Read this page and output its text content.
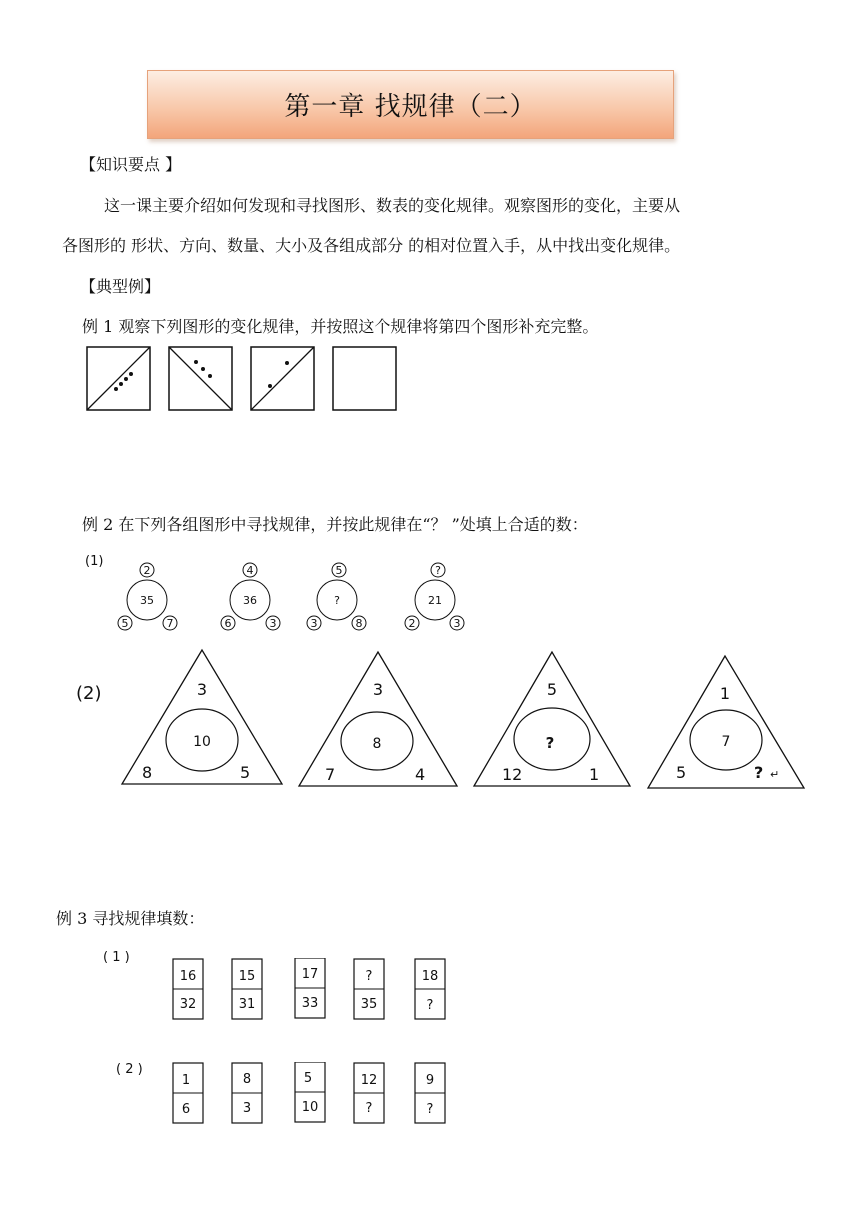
第一章 找规律（二）
【知识要点 】
这一课主要介绍如何发现和寻找图形、数表的变化规律。观察图形的变化，主要从
各图形的 形状、方向、数量、大小及各组成部分 的相对位置入手，从中找出变化规律。
【典型例】
例 1 观察下列图形的变化规律，并按照这个规律将第四个图形补充完整。
例 2 在下列各组图形中寻找规律，并按此规律在“？ ”处填上合适的数：
(1)
2
35
5	7
4
36
6	3
5
?
3	8
?
21
2	3
(2)	3
10
8	5
3
8
7	4
5
?
12	1
1
7
5	? ↵
例 3 寻找规律填数：
( 1 )
16
32
15
31
17
33
?
35
18
?
( 2 )
1
6
8
3
5
10
12
?
9
?
